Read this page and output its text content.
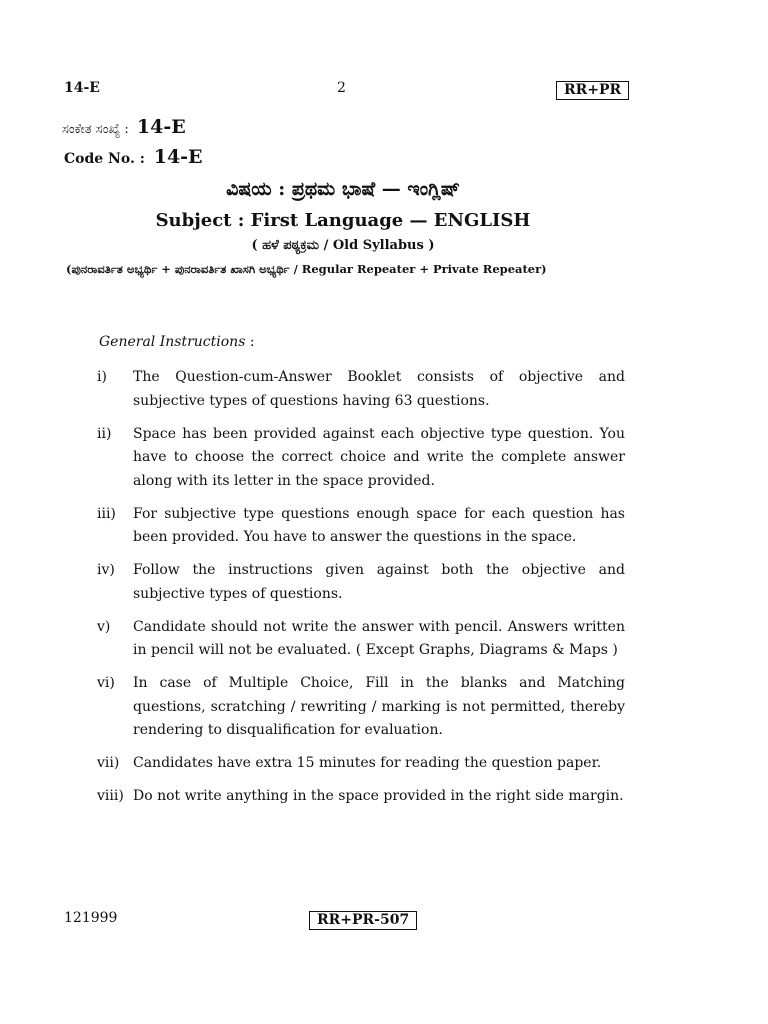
14-E	2	RR+PR
ಸಂಕೇತ ಸಂಖ್ಯೆ : 14-E
Code No. : 14-E
ವಿಷಯ : ಪ್ರಥಮ ಭಾಷೆ — ಇಂಗ್ಲಿಷ್
Subject : First Language — ENGLISH
( ಹಳೆ ಪಠ್ಯಕ್ರಮ / Old Syllabus )
(ಪುನರಾವರ್ತಿತ ಅಭ್ಯರ್ಥಿ + ಪುನರಾವರ್ತಿತ ಖಾಸಗಿ ಅಭ್ಯರ್ಥಿ / Regular Repeater + Private Repeater)
General Instructions :
i)	The Question-cum-Answer Booklet consists of objective and subjective types of questions having 63 questions.
ii)	Space has been provided against each objective type question. You have to choose the correct choice and write the complete answer along with its letter in the space provided.
iii)	For subjective type questions enough space for each question has been provided. You have to answer the questions in the space.
iv)	Follow the instructions given against both the objective and subjective types of questions.
v)	Candidate should not write the answer with pencil. Answers written in pencil will not be evaluated. ( Except Graphs, Diagrams & Maps )
vi)	In case of Multiple Choice, Fill in the blanks and Matching questions, scratching / rewriting / marking is not permitted, thereby rendering to disqualification for evaluation.
vii) Candidates have extra 15 minutes for reading the question paper.
viii) Do not write anything in the space provided in the right side margin.
121999	RR+PR-507
